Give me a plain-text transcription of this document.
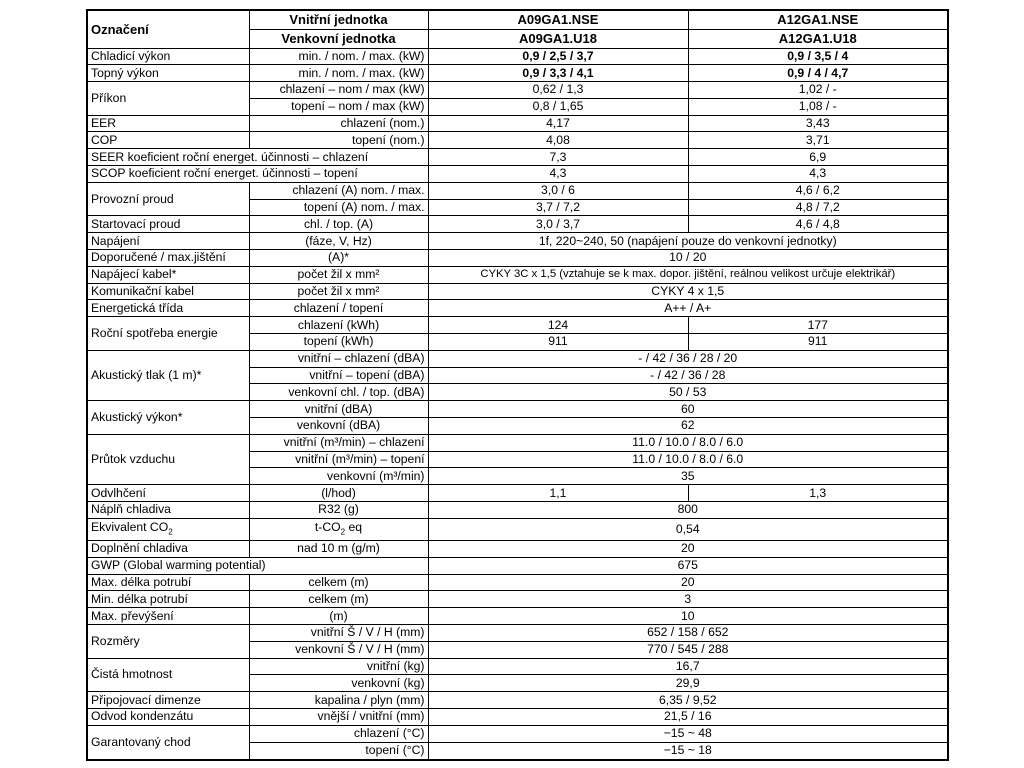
Označení	Vnitřní jednotka	A09GA1.NSE	A12GA1.NSE
	Venkovní jednotka	A09GA1.U18	A12GA1.U18
Chladicí výkon	min. / nom. / max. (kW)	0,9 / 2,5 / 3,7	0,9 / 3,5 / 4
Topný výkon	min. / nom. / max. (kW)	0,9 / 3,3 / 4,1	0,9 / 4 / 4,7
Příkon	chlazení – nom / max (kW)	0,62 / 1,3	1,02 / -
	topení – nom / max (kW)	0,8 / 1,65	1,08 / -
EER	chlazení (nom.)	4,17	3,43
COP	topení (nom.)	4,08	3,71
SEER koeficient roční energet. účinnosti – chlazení		7,3	6,9
SCOP koeficient roční energet. účinnosti – topení		4,3	4,3
Provozní proud	chlazení (A) nom. / max.	3,0 / 6	4,6 / 6,2
	topení (A) nom. / max.	3,7 / 7,2	4,8 / 7,2
Startovací proud	chl. / top. (A)	3,0 / 3,7	4,6 / 4,8
Napájení	(fáze, V, Hz)	1f, 220~240, 50 (napájení pouze do venkovní jednotky)	
Doporučené / max.jištění	(A)*	10 / 20	
Napájecí kabel*	počet žil x mm²	CYKY 3C x 1,5 (vztahuje se k max. dopor. jištění, reálnou velikost určuje elektrikář)	
Komunikační kabel	počet žil x mm²	CYKY 4 x 1,5	
Energetická třída	chlazení / topení	A++ / A+	
Roční spotřeba energie	chlazení (kWh)	124	177
	topení (kWh)	911	911
Akustický tlak (1 m)*	vnitřní – chlazení (dBA)	- / 42 / 36 / 28 / 20	
	vnitřní – topení (dBA)	- / 42 / 36 / 28	
	venkovní chl. / top. (dBA)	50 / 53	
Akustický výkon*	vnitřní (dBA)	60	
	venkovní (dBA)	62	
Průtok vzduchu	vnitřní (m³/min) – chlazení	11.0 / 10.0 / 8.0 / 6.0	
	vnitřní (m³/min) – topení	11.0 / 10.0 / 8.0 / 6.0	
	venkovní (m³/min)	35	
Odvlhčení	(l/hod)	1,1	1,3
Náplň chladiva	R32 (g)	800	
Ekvivalent $CO_2$	$t-CO_2$ eq	0,54	
Doplnění chladiva	nad 10 m (g/m)	20	
GWP (Global warming potential)		675	
Max. délka potrubí	celkem (m)	20	
Min. délka potrubí	celkem (m)	3	
Max. převýšení	(m)	10	
Rozměry	vnitřní Š / V / H (mm)	652 / 158 / 652	
	venkovní Š / V / H (mm)	770 / 545 / 288	
Čistá hmotnost	vnitřní (kg)	16,7	
	venkovní (kg)	29,9	
Připojovací dimenze	kapalina / plyn (mm)	6,35 / 9,52	
Odvod kondenzátu	vnější / vnitřní (mm)	21,5 / 16	
Garantovaný chod	chlazení (°C)	−15 ~ 48	
	topení (°C)	−15 ~ 18	
